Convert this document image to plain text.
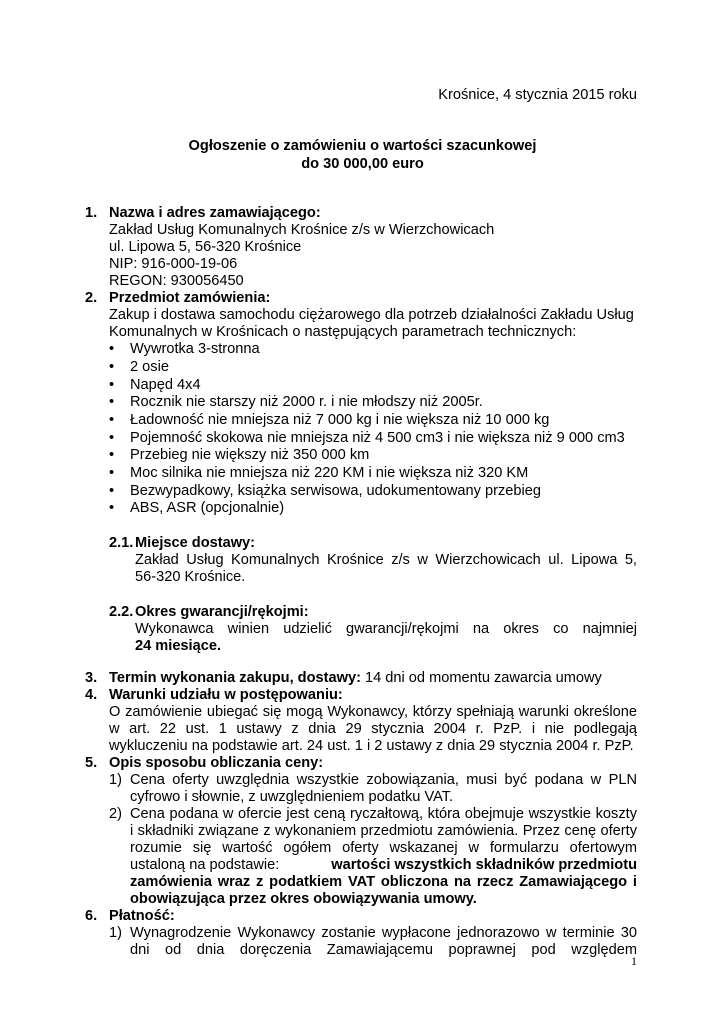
Krośnice, 4 stycznia 2015 roku
Ogłoszenie o zamówieniu o wartości szacunkowej
do 30 000,00 euro
1. Nazwa i adres zamawiającego:
Zakład Usług Komunalnych Krośnice z/s w Wierzchowicach
ul. Lipowa 5, 56-320 Krośnice
NIP: 916-000-19-06
REGON: 930056450
2. Przedmiot zamówienia:
Zakup i dostawa samochodu ciężarowego dla potrzeb działalności Zakładu Usług
Komunalnych w Krośnicach o następujących parametrach technicznych:
• Wywrotka 3-stronna
• 2 osie
• Napęd 4x4
• Rocznik nie starszy niż 2000 r. i nie młodszy niż 2005r.
• Ładowność nie mniejsza niż 7 000 kg i nie większa niż 10 000 kg
• Pojemność skokowa nie mniejsza niż 4 500 cm3 i nie większa niż 9 000 cm3
• Przebieg nie większy niż 350 000 km
• Moc silnika nie mniejsza niż 220 KM i nie większa niż 320 KM
• Bezwypadkowy, książka serwisowa, udokumentowany przebieg
• ABS, ASR (opcjonalnie)
2.1. Miejsce dostawy:
Zakład Usług Komunalnych Krośnice z/s w Wierzchowicach ul. Lipowa 5,
56-320 Krośnice.
2.2. Okres gwarancji/rękojmi:
Wykonawca winien udzielić gwarancji/rękojmi na okres co najmniej
24 miesiące.
3. Termin wykonania zakupu, dostawy: 14 dni od momentu zawarcia umowy
4. Warunki udziału w postępowaniu:
O zamówienie ubiegać się mogą Wykonawcy, którzy spełniają warunki określone
w art. 22 ust. 1 ustawy z dnia 29 stycznia 2004 r. PzP. i nie podlegają
wykluczeniu na podstawie art. 24 ust. 1 i 2 ustawy z dnia 29 stycznia 2004 r. PzP.
5. Opis sposobu obliczania ceny:
1) Cena oferty uwzględnia wszystkie zobowiązania, musi być podana w PLN
cyfrowo i słownie, z uwzględnieniem podatku VAT.
2) Cena podana w ofercie jest ceną ryczałtową, która obejmuje wszystkie koszty
i składniki związane z wykonaniem przedmiotu zamówienia. Przez cenę oferty
rozumie się wartość ogółem oferty wskazanej w formularzu ofertowym
ustaloną na podstawie:	wartości wszystkich składników przedmiotu
zamówienia wraz z podatkiem VAT obliczona na rzecz Zamawiającego i
obowiązująca przez okres obowiązywania umowy.
6. Płatność:
1) Wynagrodzenie Wykonawcy zostanie wypłacone jednorazowo w terminie 30
dni od dnia doręczenia Zamawiającemu poprawnej pod względem
1
